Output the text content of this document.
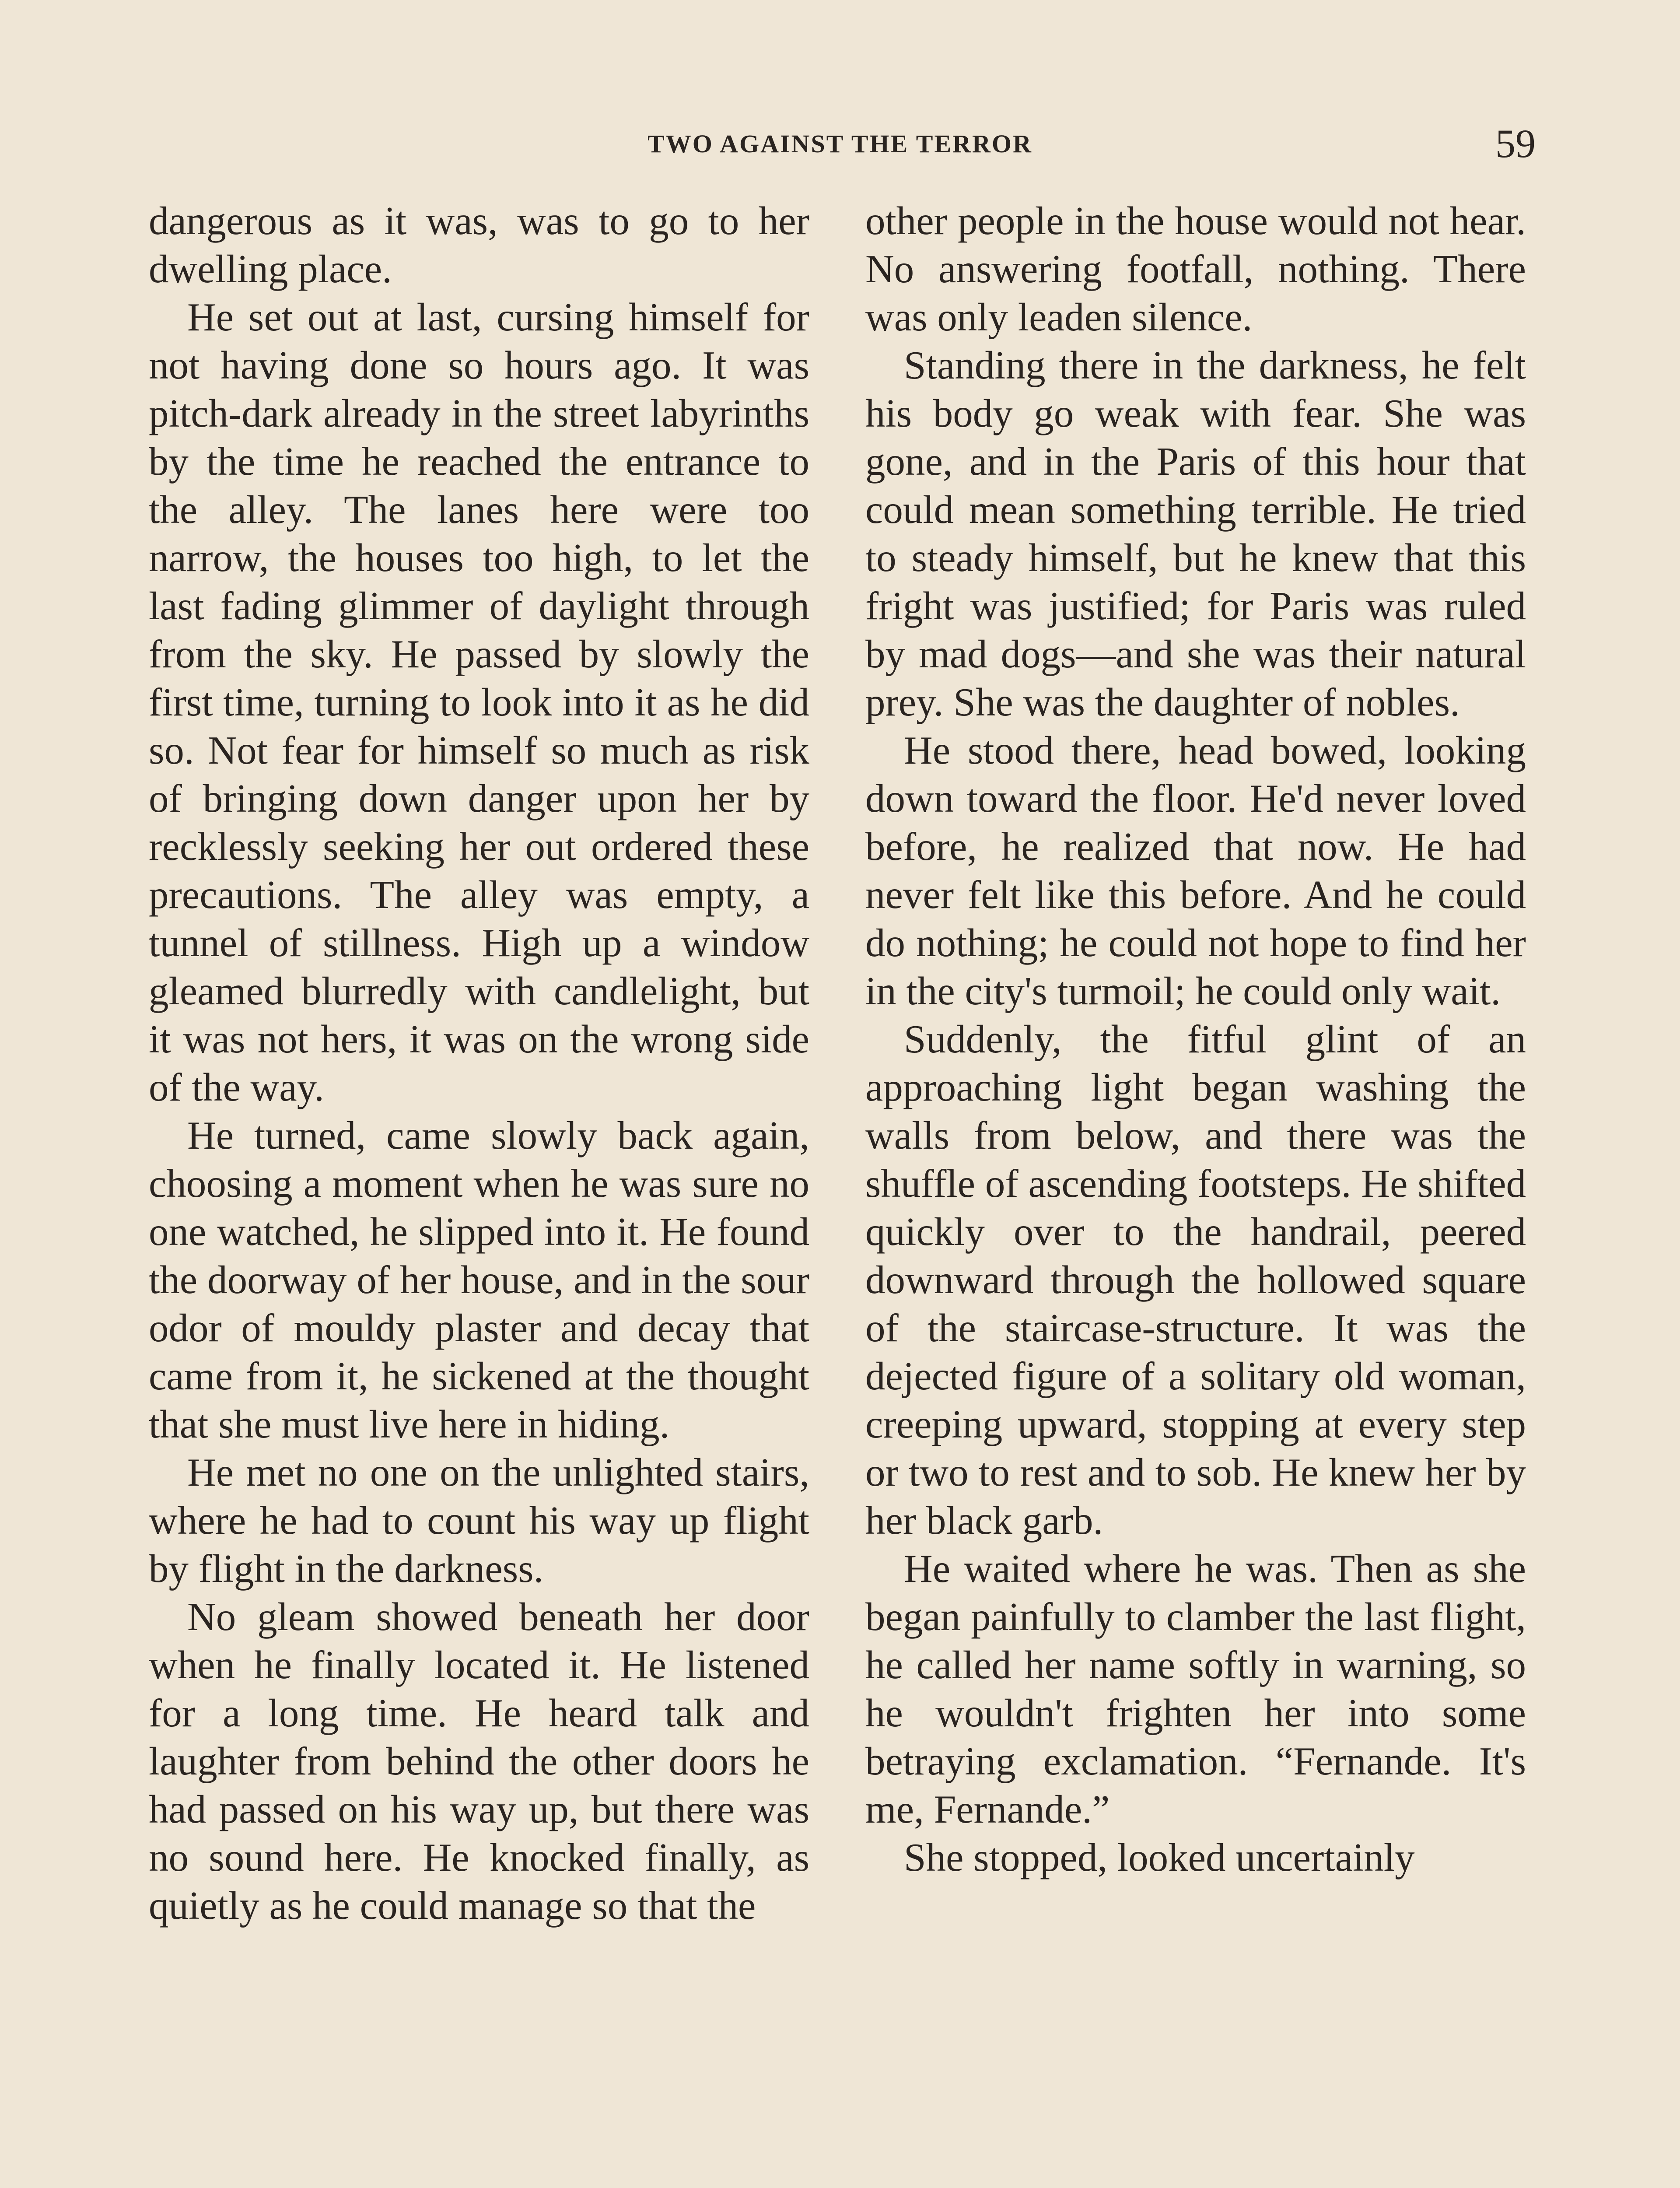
TWO AGAINST THE TERROR	59

dangerous as it was, was to go to her dwelling place.

He set out at last, cursing himself for not having done so hours ago. It was pitch-dark already in the street labyrinths by the time he reached the entrance to the alley. The lanes here were too narrow, the houses too high, to let the last fading glimmer of daylight through from the sky. He passed by slowly the first time, turning to look into it as he did so. Not fear for himself so much as risk of bringing down danger upon her by recklessly seeking her out ordered these precautions. The alley was empty, a tunnel of stillness. High up a window gleamed blurredly with candlelight, but it was not hers, it was on the wrong side of the way.

He turned, came slowly back again, choosing a moment when he was sure no one watched, he slipped into it. He found the doorway of her house, and in the sour odor of mouldy plaster and decay that came from it, he sickened at the thought that she must live here in hiding.

He met no one on the unlighted stairs, where he had to count his way up flight by flight in the darkness.

No gleam showed beneath her door when he finally located it. He listened for a long time. He heard talk and laughter from behind the other doors he had passed on his way up, but there was no sound here. He knocked finally, as quietly as he could manage so that the

other people in the house would not hear. No answering footfall, nothing. There was only leaden silence.

Standing there in the darkness, he felt his body go weak with fear. She was gone, and in the Paris of this hour that could mean something terrible. He tried to steady himself, but he knew that this fright was justified; for Paris was ruled by mad dogs—and she was their natural prey. She was the daughter of nobles.

He stood there, head bowed, looking down toward the floor. He'd never loved before, he realized that now. He had never felt like this before. And he could do nothing; he could not hope to find her in the city's turmoil; he could only wait.

Suddenly, the fitful glint of an approaching light began washing the walls from below, and there was the shuffle of ascending footsteps. He shifted quickly over to the handrail, peered downward through the hollowed square of the staircase-structure. It was the dejected figure of a solitary old woman, creeping upward, stopping at every step or two to rest and to sob. He knew her by her black garb.

He waited where he was. Then as she began painfully to clamber the last flight, he called her name softly in warning, so he wouldn't frighten her into some betraying exclamation. “Fernande. It's me, Fernande.”

She stopped, looked uncertainly
